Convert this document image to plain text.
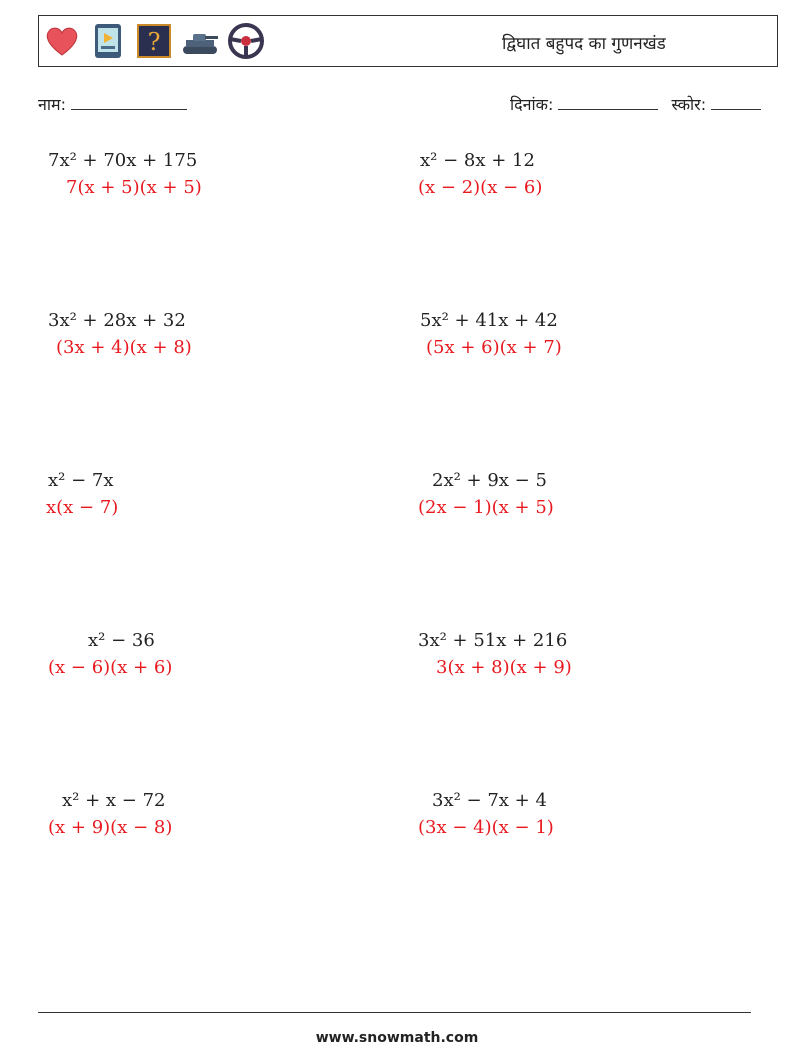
?	द्विघात बहुपद का गुणनखंड
नाम:	दिनांक:	स्कोर:
7x² + 70x + 175
7(x + 5)(x + 5)
x² − 8x + 12
(x − 2)(x − 6)
3x² + 28x + 32
(3x + 4)(x + 8)
5x² + 41x + 42
(5x + 6)(x + 7)
x² − 7x
x(x − 7)
2x² + 9x − 5
(2x − 1)(x + 5)
x² − 36
(x − 6)(x + 6)
3x² + 51x + 216
3(x + 8)(x + 9)
x² + x − 72
(x + 9)(x − 8)
3x² − 7x + 4
(3x − 4)(x − 1)
www.snowmath.com
